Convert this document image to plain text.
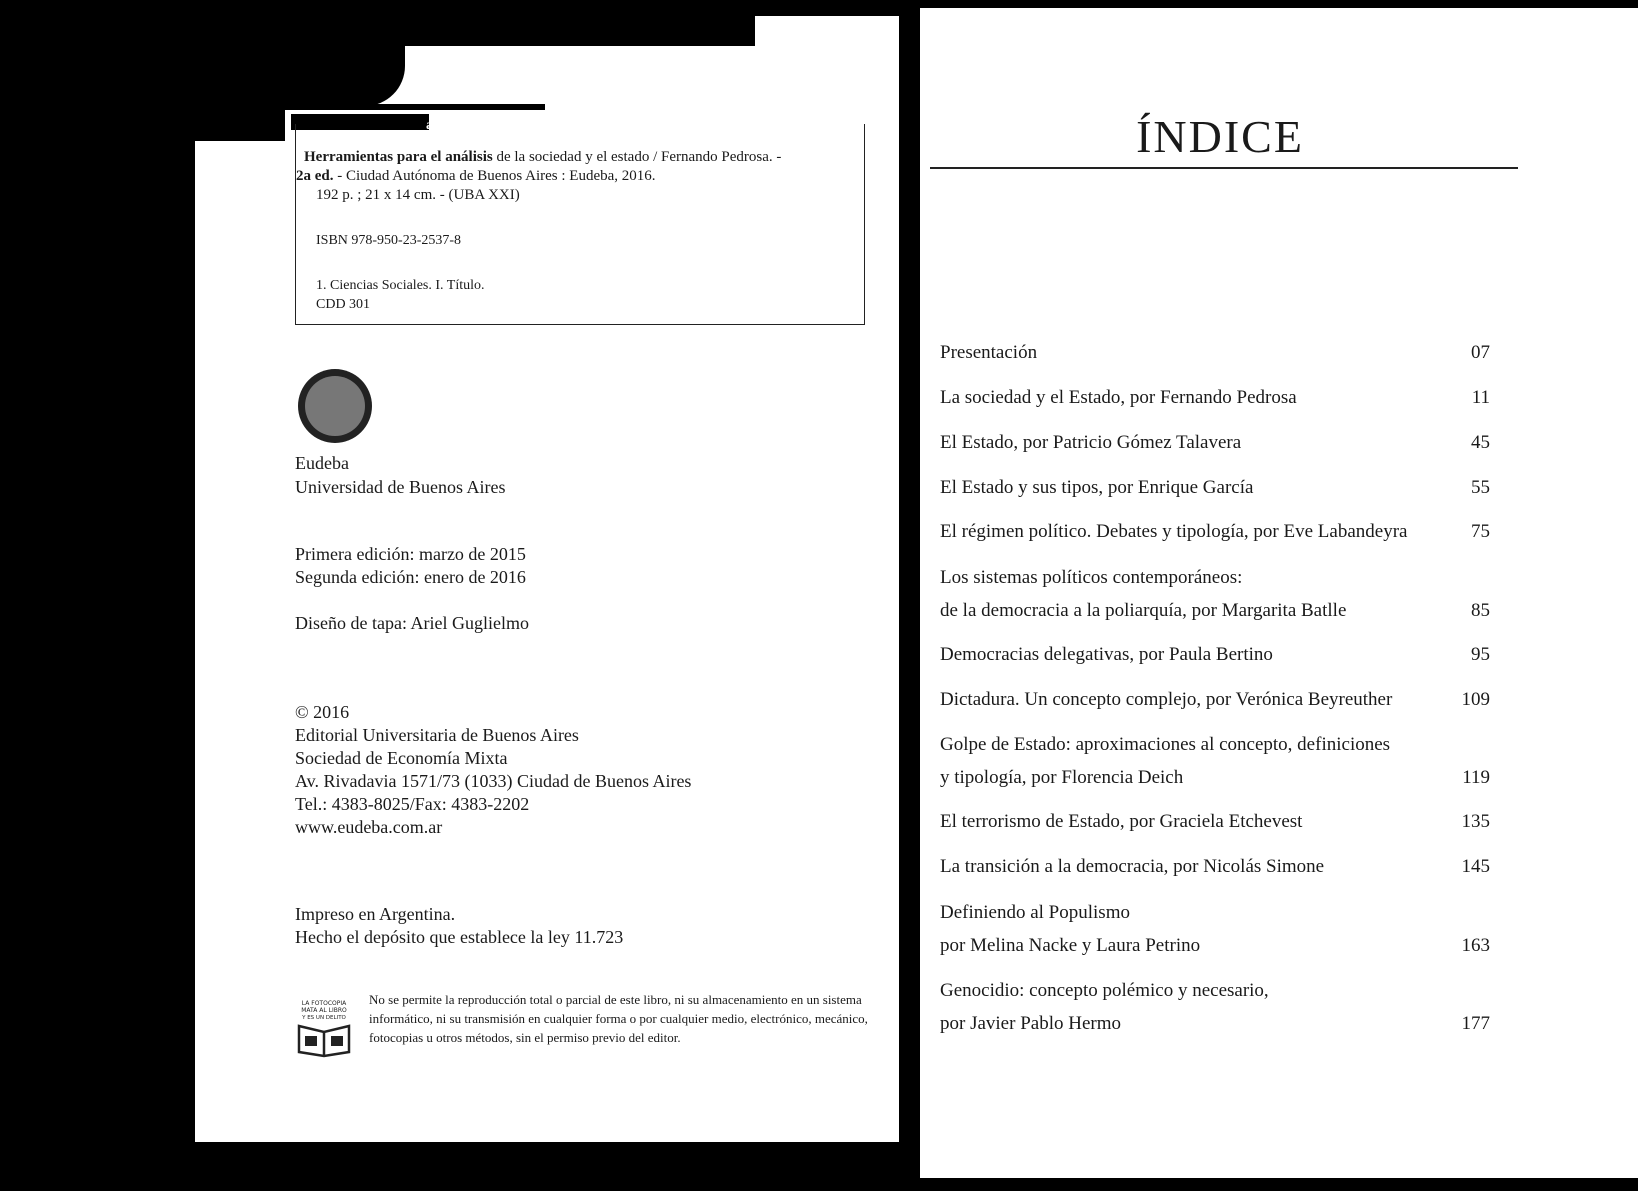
ando
Herramientas para el análisis de la sociedad y el estado / Fernando Pedrosa. -
2a ed. - Ciudad Autónoma de Buenos Aires : Eudeba, 2016.
192 p. ; 21 x 14 cm. - (UBA XXI)
ISBN 978-950-23-2537-8
1. Ciencias Sociales. I. Título.
CDD 301
Eudeba
Universidad de Buenos Aires
Primera edición: marzo de 2015
Segunda edición: enero de 2016
Diseño de tapa: Ariel Guglielmo
© 2016
Editorial Universitaria de Buenos Aires
Sociedad de Economía Mixta
Av. Rivadavia 1571/73 (1033) Ciudad de Buenos Aires
Tel.: 4383-8025/Fax: 4383-2202
www.eudeba.com.ar
Impreso en Argentina.
Hecho el depósito que establece la ley 11.723
LA FOTOCOPIA
MATA AL LIBRO
Y ES UN DELITO
No se permite la reproducción total o parcial de este libro, ni su almacenamiento en un sistema informático, ni su transmisión en cualquier forma o por cualquier medio, electrónico, mecánico, fotocopias u otros métodos, sin el permiso previo del editor.
ÍNDICE
Presentación	07
La sociedad y el Estado, por Fernando Pedrosa	11
El Estado, por Patricio Gómez Talavera	45
El Estado y sus tipos, por Enrique García	55
El régimen político. Debates y tipología, por Eve Labandeyra	75
Los sistemas políticos contemporáneos:
de la democracia a la poliarquía, por Margarita Batlle	85
Democracias delegativas, por Paula Bertino	95
Dictadura. Un concepto complejo, por Verónica Beyreuther	109
Golpe de Estado: aproximaciones al concepto, definiciones
y tipología, por Florencia Deich	119
El terrorismo de Estado, por Graciela Etchevest	135
La transición a la democracia, por Nicolás Simone	145
Definiendo al Populismo
por Melina Nacke y Laura Petrino	163
Genocidio: concepto polémico y necesario,
por Javier Pablo Hermo	177
